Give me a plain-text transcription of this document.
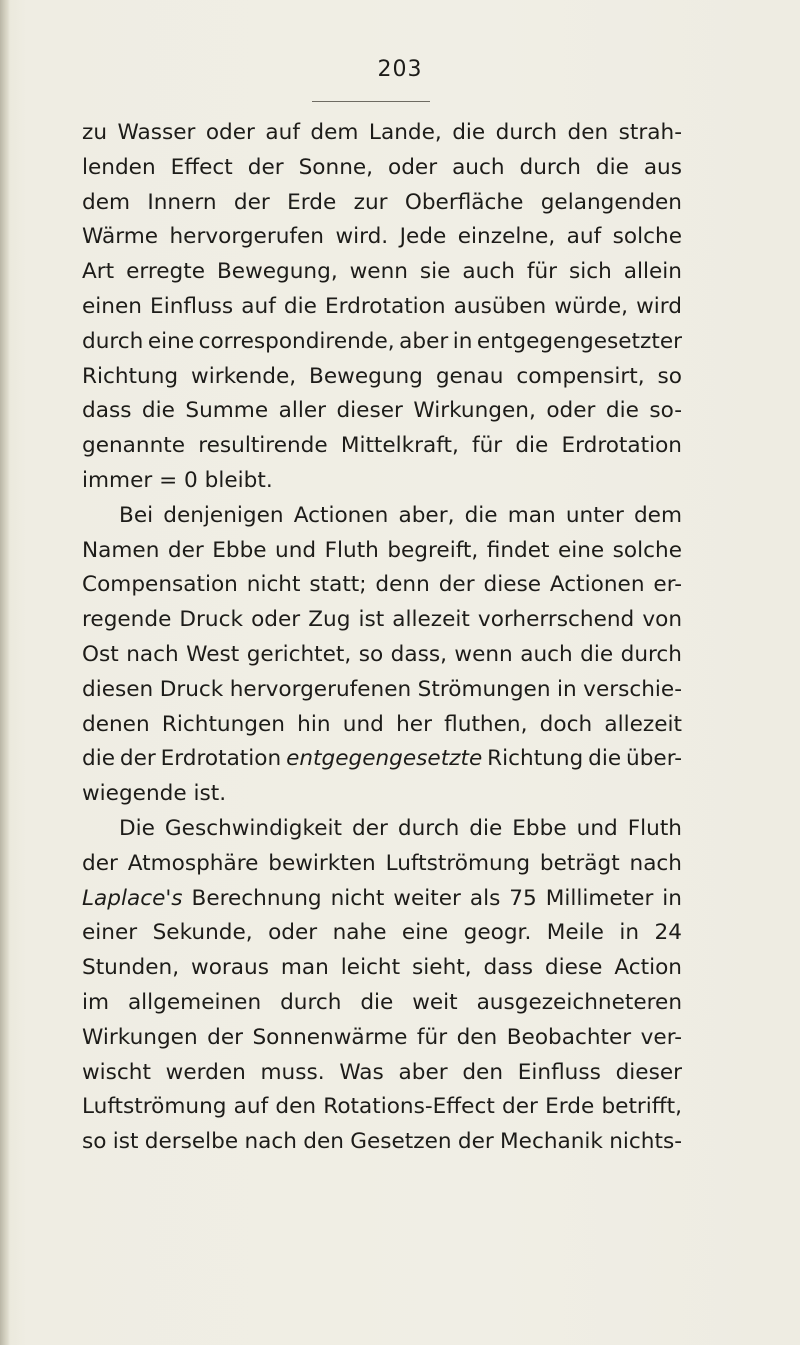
203
zu Wasser oder auf dem Lande, die durch den strah-
lenden Effect der Sonne, oder auch durch die aus
dem Innern der Erde zur Oberfläche gelangenden
Wärme hervorgerufen wird. Jede einzelne, auf solche
Art erregte Bewegung, wenn sie auch für sich allein
einen Einfluss auf die Erdrotation ausüben würde, wird
durch eine correspondirende, aber in entgegengesetzter
Richtung wirkende, Bewegung genau compensirt, so
dass die Summe aller dieser Wirkungen, oder die so-
genannte resultirende Mittelkraft, für die Erdrotation
immer = 0 bleibt.
Bei denjenigen Actionen aber, die man unter dem
Namen der Ebbe und Fluth begreift, findet eine solche
Compensation nicht statt; denn der diese Actionen er-
regende Druck oder Zug ist allezeit vorherrschend von
Ost nach West gerichtet, so dass, wenn auch die durch
diesen Druck hervorgerufenen Strömungen in verschie-
denen Richtungen hin und her fluthen, doch allezeit
die der Erdrotation entgegengesetzte Richtung die über-
wiegende ist.
Die Geschwindigkeit der durch die Ebbe und Fluth
der Atmosphäre bewirkten Luftströmung beträgt nach
Laplace's Berechnung nicht weiter als 75 Millimeter in
einer Sekunde, oder nahe eine geogr. Meile in 24
Stunden, woraus man leicht sieht, dass diese Action
im allgemeinen durch die weit ausgezeichneteren
Wirkungen der Sonnenwärme für den Beobachter ver-
wischt werden muss. Was aber den Einfluss dieser
Luftströmung auf den Rotations-Effect der Erde betrifft,
so ist derselbe nach den Gesetzen der Mechanik nichts-
